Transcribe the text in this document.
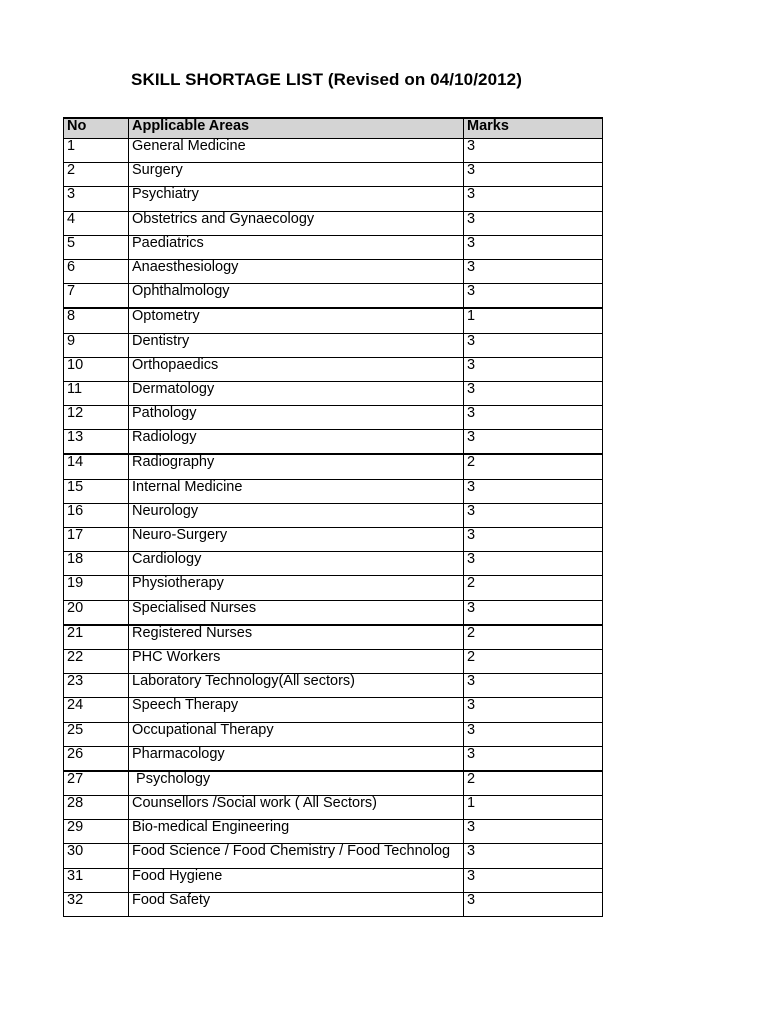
SKILL SHORTAGE LIST (Revised on 04/10/2012)
No	Applicable Areas	Marks
1	General Medicine	3
2	Surgery	3
3	Psychiatry	3
4	Obstetrics and Gynaecology	3
5	Paediatrics	3
6	Anaesthesiology	3
7	Ophthalmology	3
8	Optometry	1
9	Dentistry	3
10	Orthopaedics	3
11	Dermatology	3
12	Pathology	3
13	Radiology	3
14	Radiography	2
15	Internal Medicine	3
16	Neurology	3
17	Neuro-Surgery	3
18	Cardiology	3
19	Physiotherapy	2
20	Specialised Nurses	3
21	Registered Nurses	2
22	PHC Workers	2
23	Laboratory Technology(All sectors)	3
24	Speech Therapy	3
25	Occupational Therapy	3
26	Pharmacology	3
27	Psychology	2
28	Counsellors /Social work ( All Sectors)	1
29	Bio-medical Engineering	3
30	Food Science / Food Chemistry / Food Technolog	3
31	Food Hygiene	3
32	Food Safety	3
